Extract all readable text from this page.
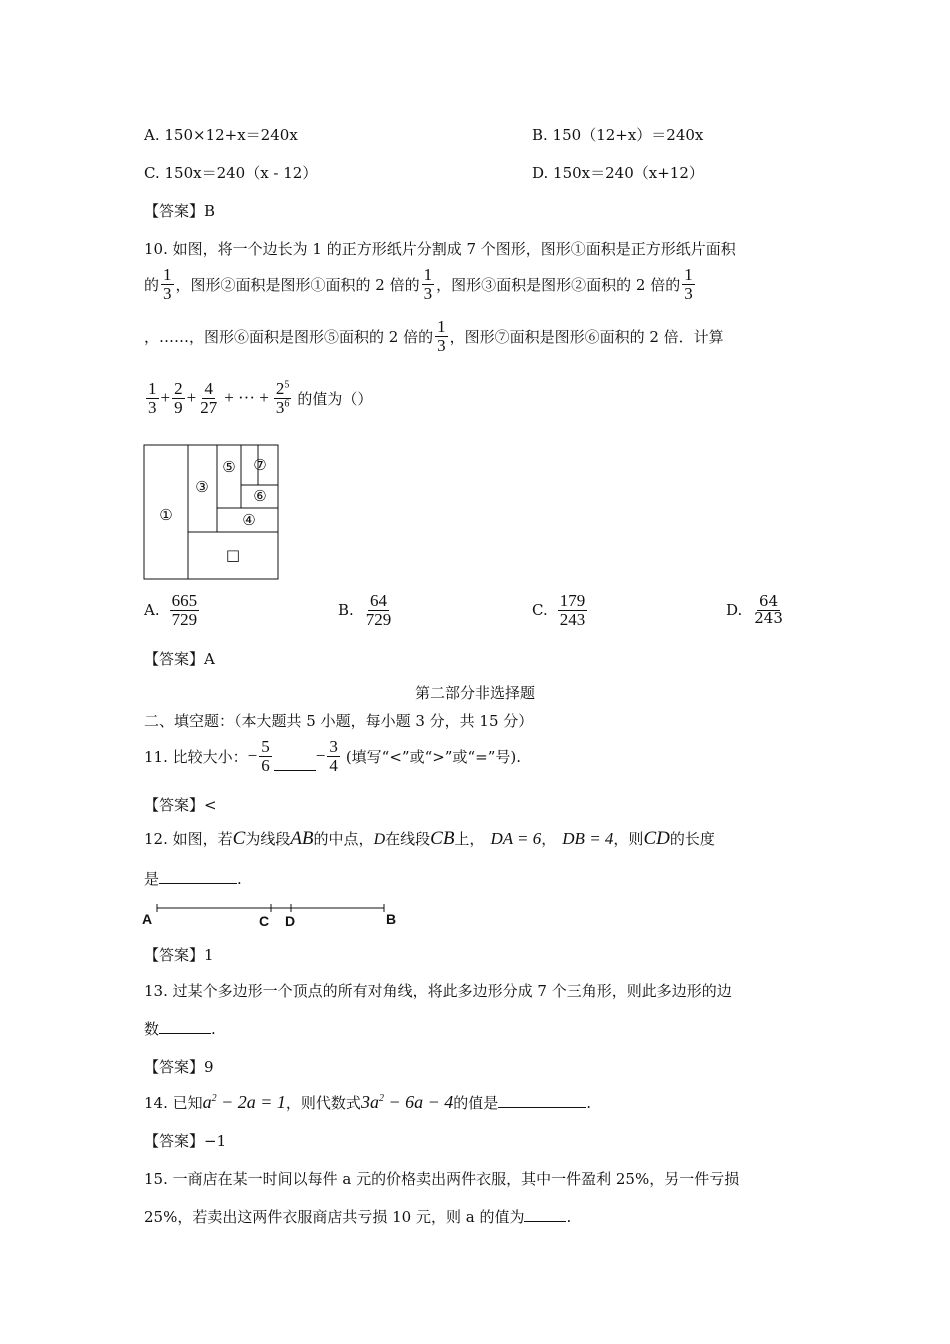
A. 150×12+x＝240x	B. 150（12+x）＝240x
C. 150x＝240（x - 12）	D. 150x＝240（x+12）
【答案】B
10. 如图，将一个边长为 1 的正方形纸片分割成 7 个图形，图形①面积是正方形纸片面积
的 $\frac{1}{3}$ ，图形②面积是图形①面积的 2 倍的 $\frac{1}{3}$ ，图形③面积是图形②面积的 2 倍的 $\frac{1}{3}$
，……，图形⑥面积是图形⑤面积的 2 倍的 $\frac{1}{3}$ ，图形⑦面积是图形⑥面积的 2 倍．计算
$\frac{1}{3} + \frac{2}{9} + \frac{4}{27}$ + ··· + $\frac{2^5}{3^6}$ 的值为（）
①
□
③
④
⑤
⑥
⑦
A. $\frac{665}{729}$	B. $\frac{64}{729}$	C. $\frac{179}{243}$	D. $\frac{64}{243}$
【答案】A
第二部分非选择题
二、填空题：（本大题共 5 小题，每小题 3 分，共 15 分）
11. 比较大小： − $\frac{5}{6}$	− $\frac{3}{4}$ (填写“<”或“>”或“=”号).
【答案】<
12. 如图，若 C 为线段 AB 的中点， D 在线段 CB 上， DA = 6 ， DB = 4 ，则 CD 的长度
是	.
A	C D	B
【答案】1
13. 过某个多边形一个顶点的所有对角线，将此多边形分成 7 个三角形，则此多边形的边
数	.
【答案】9
14. 已知 $a^2 - 2a = 1$ ，则代数式 $3a^2 - 6a - 4$ 的值是	.
【答案】−1
15. 一商店在某一时间以每件 a 元的价格卖出两件衣服，其中一件盈利 25%，另一件亏损
25%，若卖出这两件衣服商店共亏损 10 元，则 a 的值为	.
